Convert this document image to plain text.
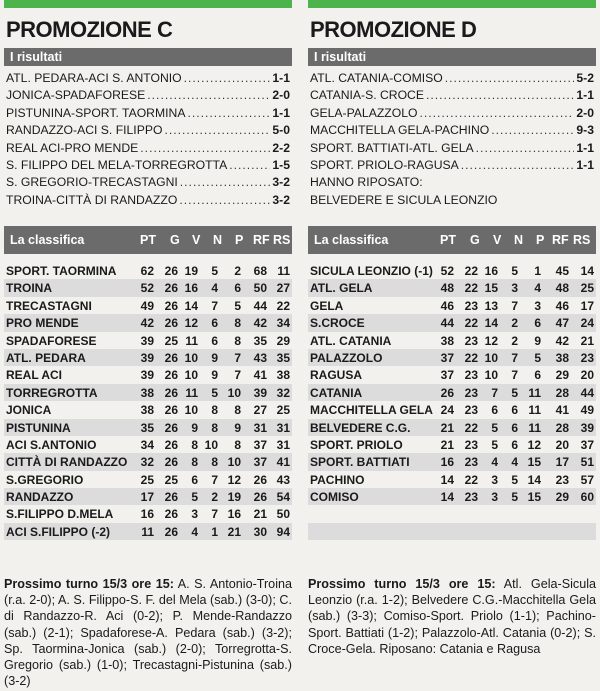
PROMOZIONE C
I risultati
ATL. PEDARA-ACI S. ANTONIO .....	1-1
JONICA-SPADAFORESE .....	2-0
PISTUNINA-SPORT. TAORMINA .....	1-1
RANDAZZO-ACI S. FILIPPO .....	5-0
REAL ACI-PRO MENDE .....	2-2
S. FILIPPO DEL MELA-TORREGROTTA .....	1-5
S. GREGORIO-TRECASTAGNI .....	3-2
TROINA-CITTÀ DI RANDAZZO .....	3-2
La classifica	PT G V N P RF RS
SPORT. TAORMINA 62 26 19 5 2 68 11
TROINA	52 26 16 4 6 50 27
TRECASTAGNI	49 26 14 7 5 44 22
PRO MENDE	42 26 12 6 8 42 34
SPADAFORESE	39 25 11 6 8 35 29
ATL. PEDARA	39 26 10 9 7 43 35
REAL ACI	39 26 10 9 7 41 38
TORREGROTTA	38 26 11 5 10 39 32
JONICA	38 26 10 8 8 27 25
PISTUNINA	35 26 9 8 9 31 31
ACI S.ANTONIO	34 26 8 10 8 37 31
CITTÀ DI RANDAZZO 32 26 8 8 10 37 41
S.GREGORIO	25 25 6 7 12 26 43
RANDAZZO	17 26 5 2 19 26 54
S.FILIPPO D.MELA 16 26 3 7 16 21 50
ACI S.FILIPPO (-2)	11 26 4 1 21 30 94
Prossimo turno 15/3 ore 15: A. S. Antonio-Troina (r.a. 2-0); A. S. Filippo-S. F. del Mela (sab.) (3-0); C. di Randazzo-R. Aci (0-2); P. Mende-Randazzo (sab.) (2-1); Spadaforese-A. Pedara (sab.) (3-2); Sp. Taormina-Jonica (sab.) (2-0); Torregrotta-S. Gregorio (sab.) (1-0); Trecastagni-Pistunina (sab.) (3-2)
PROMOZIONE D
I risultati
ATL. CATANIA-COMISO .....	5-2
CATANIA-S. CROCE .....	1-1
GELA-PALAZZOLO .....	2-0
MACCHITELLA GELA-PACHINO .....	9-3
SPORT. BATTIATI-ATL. GELA .....	1-1
SPORT. PRIOLO-RAGUSA .....	1-1
HANNO RIPOSATO:
BELVEDERE E SICULA LEONZIO
La classifica	PT G V N P RF RS
SICULA LEONZIO (-1) 52 22 16 5 1 45 14
ATL. GELA	48 22 15 3 4 48 25
GELA	46 23 13 7 3 46 17
S.CROCE	44 22 14 2 6 47 24
ATL. CATANIA	38 23 12 2 9 42 21
PALAZZOLO	37 22 10 7 5 38 23
RAGUSA	37 23 10 7 6 29 20
CATANIA	26 23 7 5 11 28 44
MACCHITELLA GELA 24 23 6 6 11 41 49
BELVEDERE C.G.	21 22 5 6 11 28 39
SPORT. PRIOLO	21 23 5 6 12 20 37
SPORT. BATTIATI	16 23 4 4 15 17 51
PACHINO	14 22 3 5 14 23 57
COMISO	14 23 3 5 15 29 60
Prossimo turno 15/3 ore 15: Atl. Gela-Sicula Leonzio (r.a. 1-2); Belvedere C.G.-Macchitella Gela (sab.) (3-3); Comiso-Sport. Priolo (1-1); Pachino-Sport. Battiati (1-2); Palazzolo-Atl. Catania (0-2); S. Croce-Gela. Riposano: Catania e Ragusa
